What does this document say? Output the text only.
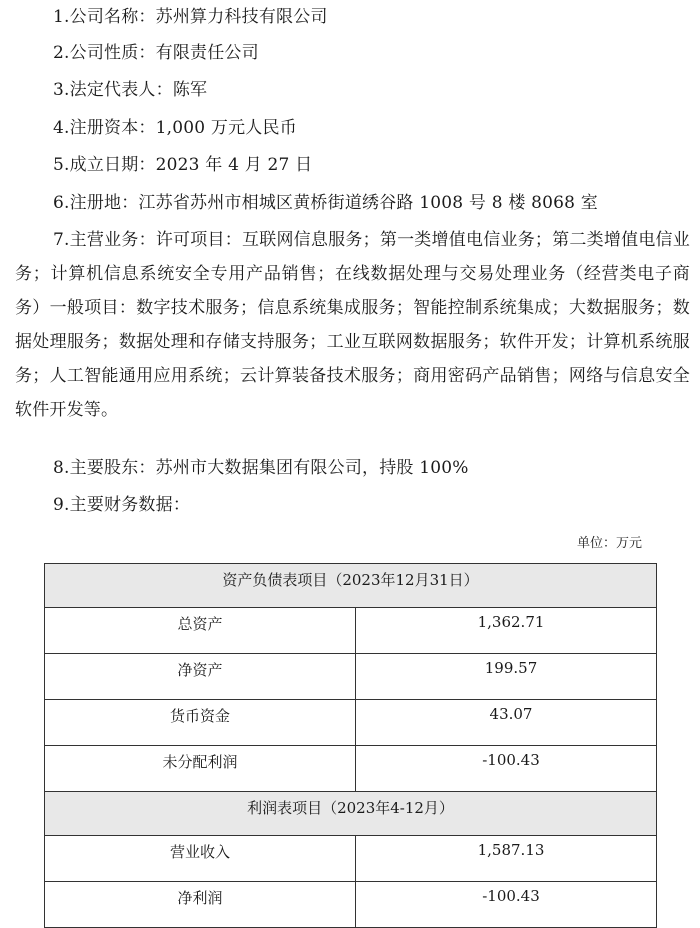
1.公司名称：苏州算力科技有限公司
2.公司性质：有限责任公司
3.法定代表人：陈军
4.注册资本：1,000 万元人民币
5.成立日期：2023 年 4 月 27 日
6.注册地：江苏省苏州市相城区黄桥街道绣谷路 1008 号 8 楼 8068 室
7.主营业务：许可项目：互联网信息服务；第一类增值电信业务；第二类增值电信业务；计算机信息系统安全专用产品销售；在线数据处理与交易处理业务（经营类电子商务）一般项目：数字技术服务；信息系统集成服务；智能控制系统集成；大数据服务；数据处理服务；数据处理和存储支持服务；工业互联网数据服务；软件开发；计算机系统服务；人工智能通用应用系统；云计算装备技术服务；商用密码产品销售；网络与信息安全软件开发等。
8.主要股东：苏州市大数据集团有限公司，持股 100%
9.主要财务数据：
单位：万元
资产负债表项目（2023年12月31日）	
总资产	1,362.71
净资产	199.57
货币资金	43.07
未分配利润	-100.43
利润表项目（2023年4-12月）	
营业收入	1,587.13
净利润	-100.43
